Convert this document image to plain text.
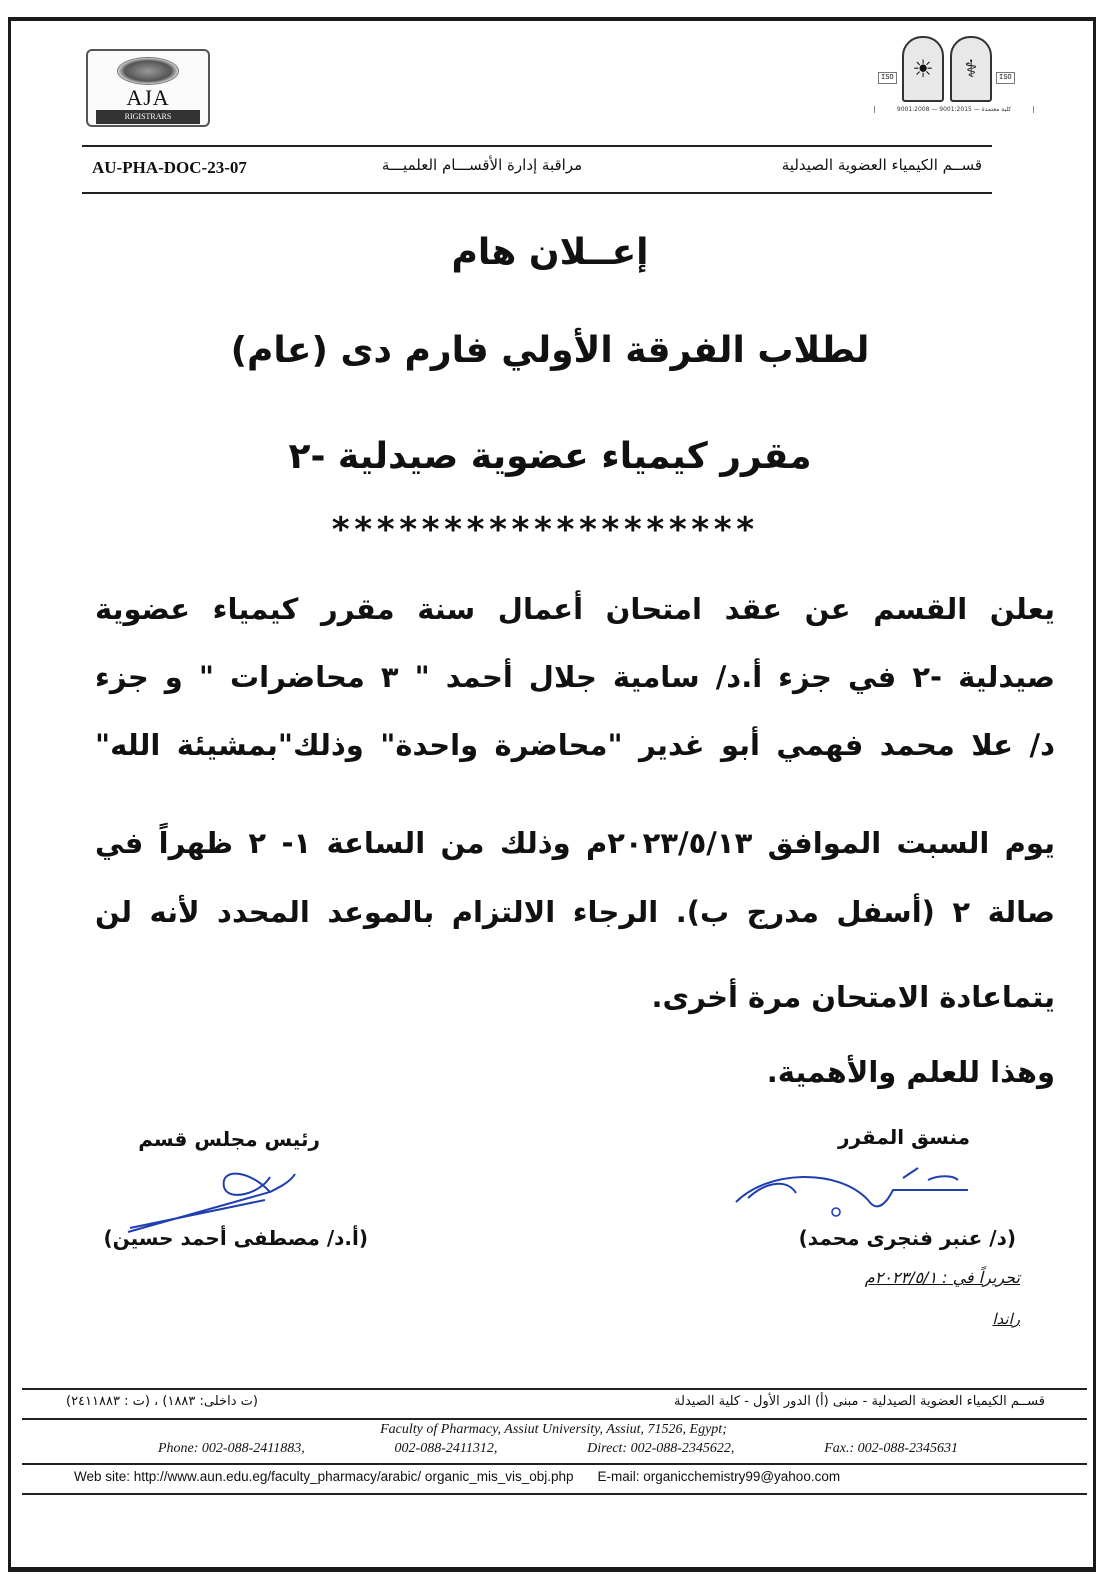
AJA
RIGISTRARS
ISO ☀	⚕	ISO
كلية معتمدة — 9001:2015 — 9001:2008
AU-PHA-DOC-23-07	مراقبة إدارة الأقســـام العلميـــة	قســم الكيمياء العضوية الصيدلية
إعــلان هام
لطلاب الفرقة الأولي فارم دى (عام)
مقرر كيمياء عضوية صيدلية -٢
*******************
يعلن القسم عن عقد امتحان أعمال سنة مقرر كيمياء عضوية
صيدلية -٢ في جزء أ.د/ سامية جلال أحمد " ٣ محاضرات " و جزء
د/ علا محمد فهمي أبو غدير "محاضرة واحدة" وذلك"بمشيئة الله"
يوم السبت الموافق ٢٠٢٣/٥/١٣م وذلك من الساعة ١- ٢ ظهراً في
صالة ٢ (أسفل مدرج ب). الرجاء الالتزام بالموعد المحدد لأنه لن
يتماعادة الامتحان مرة أخرى.
وهذا للعلم والأهمية.
منسق المقرر
(د/ عنبر فنجرى محمد)
تحريراً في : ٢٠٢٣/٥/١م
راندا
رئيس مجلس قسم
(أ.د/ مصطفى أحمد حسين)
قســم الكيمياء العضوية الصيدلية - مبنى (أ) الدور الأول - كلية الصيدلة
(ت داخلى: ١٨٨٣) ، (ت : ٢٤١١٨٨٣)
Faculty of Pharmacy, Assiut University, Assiut, 71526, Egypt;
Phone: 002-088-2411883,	002-088-2411312,	Direct: 002-088-2345622,	Fax.: 002-088-2345631
Web site: http://www.aun.edu.eg/faculty_pharmacy/arabic/ organic_mis_vis_obj.php E-mail: organicchemistry99@yahoo.com
